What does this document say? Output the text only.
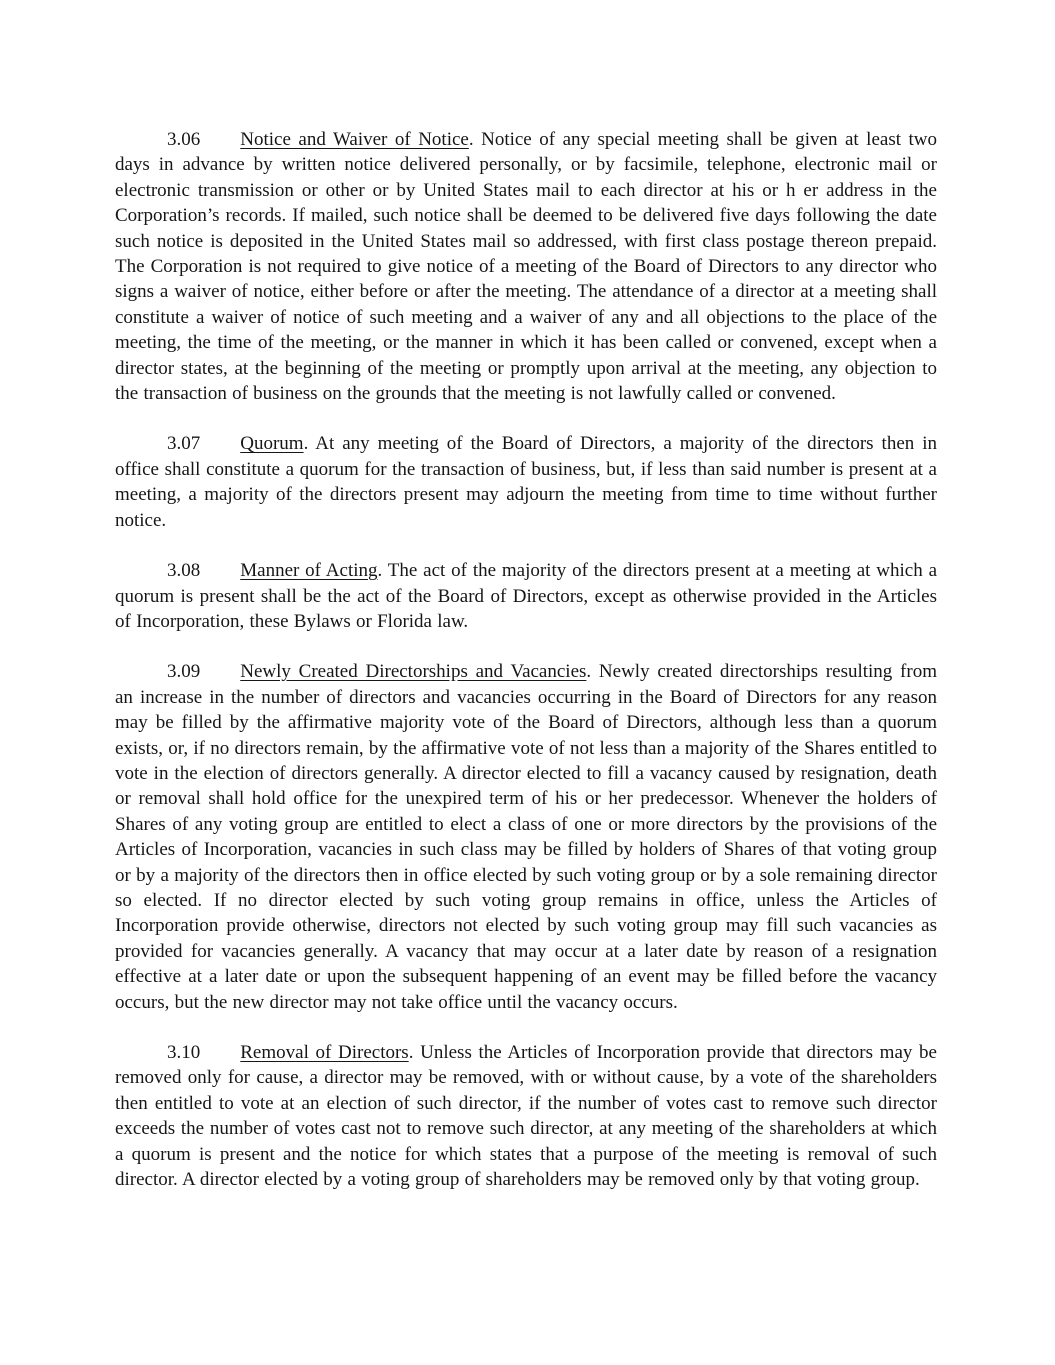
3.06 Notice and Waiver of Notice. Notice of any special meeting shall be given at least two days in advance by written notice delivered personally, or by facsimile, telephone, electronic mail or electronic transmission or other or by United States mail to each director at his or h er address in the Corporation’s records. If mailed, such notice shall be deemed to be delivered five days following the date such notice is deposited in the United States mail so addressed, with first class postage thereon prepaid. The Corporation is not required to give notice of a meeting of the Board of Directors to any director who signs a waiver of notice, either before or after the meeting. The attendance of a director at a meeting shall constitute a waiver of notice of such meeting and a waiver of any and all objections to the place of the meeting, the time of the meeting, or the manner in which it has been called or convened, except when a director states, at the beginning of the meeting or promptly upon arrival at the meeting, any objection to the transaction of business on the grounds that the meeting is not lawfully called or convened.

3.07 Quorum. At any meeting of the Board of Directors, a majority of the directors then in office shall constitute a quorum for the transaction of business, but, if less than said number is present at a meeting, a majority of the directors present may adjourn the meeting from time to time without further notice.

3.08 Manner of Acting. The act of the majority of the directors present at a meeting at which a quorum is present shall be the act of the Board of Directors, except as otherwise provided in the Articles of Incorporation, these Bylaws or Florida law.

3.09 Newly Created Directorships and Vacancies. Newly created directorships resulting from an increase in the number of directors and vacancies occurring in the Board of Directors for any reason may be filled by the affirmative majority vote of the Board of Directors, although less than a quorum exists, or, if no directors remain, by the affirmative vote of not less than a majority of the Shares entitled to vote in the election of directors generally. A director elected to fill a vacancy caused by resignation, death or removal shall hold office for the unexpired term of his or her predecessor. Whenever the holders of Shares of any voting group are entitled to elect a class of one or more directors by the provisions of the Articles of Incorporation, vacancies in such class may be filled by holders of Shares of that voting group or by a majority of the directors then in office elected by such voting group or by a sole remaining director so elected. If no director elected by such voting group remains in office, unless the Articles of Incorporation provide otherwise, directors not elected by such voting group may fill such vacancies as provided for vacancies generally. A vacancy that may occur at a later date by reason of a resignation effective at a later date or upon the subsequent happening of an event may be filled before the vacancy occurs, but the new director may not take office until the vacancy occurs.

3.10 Removal of Directors. Unless the Articles of Incorporation provide that directors may be removed only for cause, a director may be removed, with or without cause, by a vote of the shareholders then entitled to vote at an election of such director, if the number of votes cast to remove such director exceeds the number of votes cast not to remove such director, at any meeting of the shareholders at which a quorum is present and the notice for which states that a purpose of the meeting is removal of such director. A director elected by a voting group of shareholders may be removed only by that voting group.
